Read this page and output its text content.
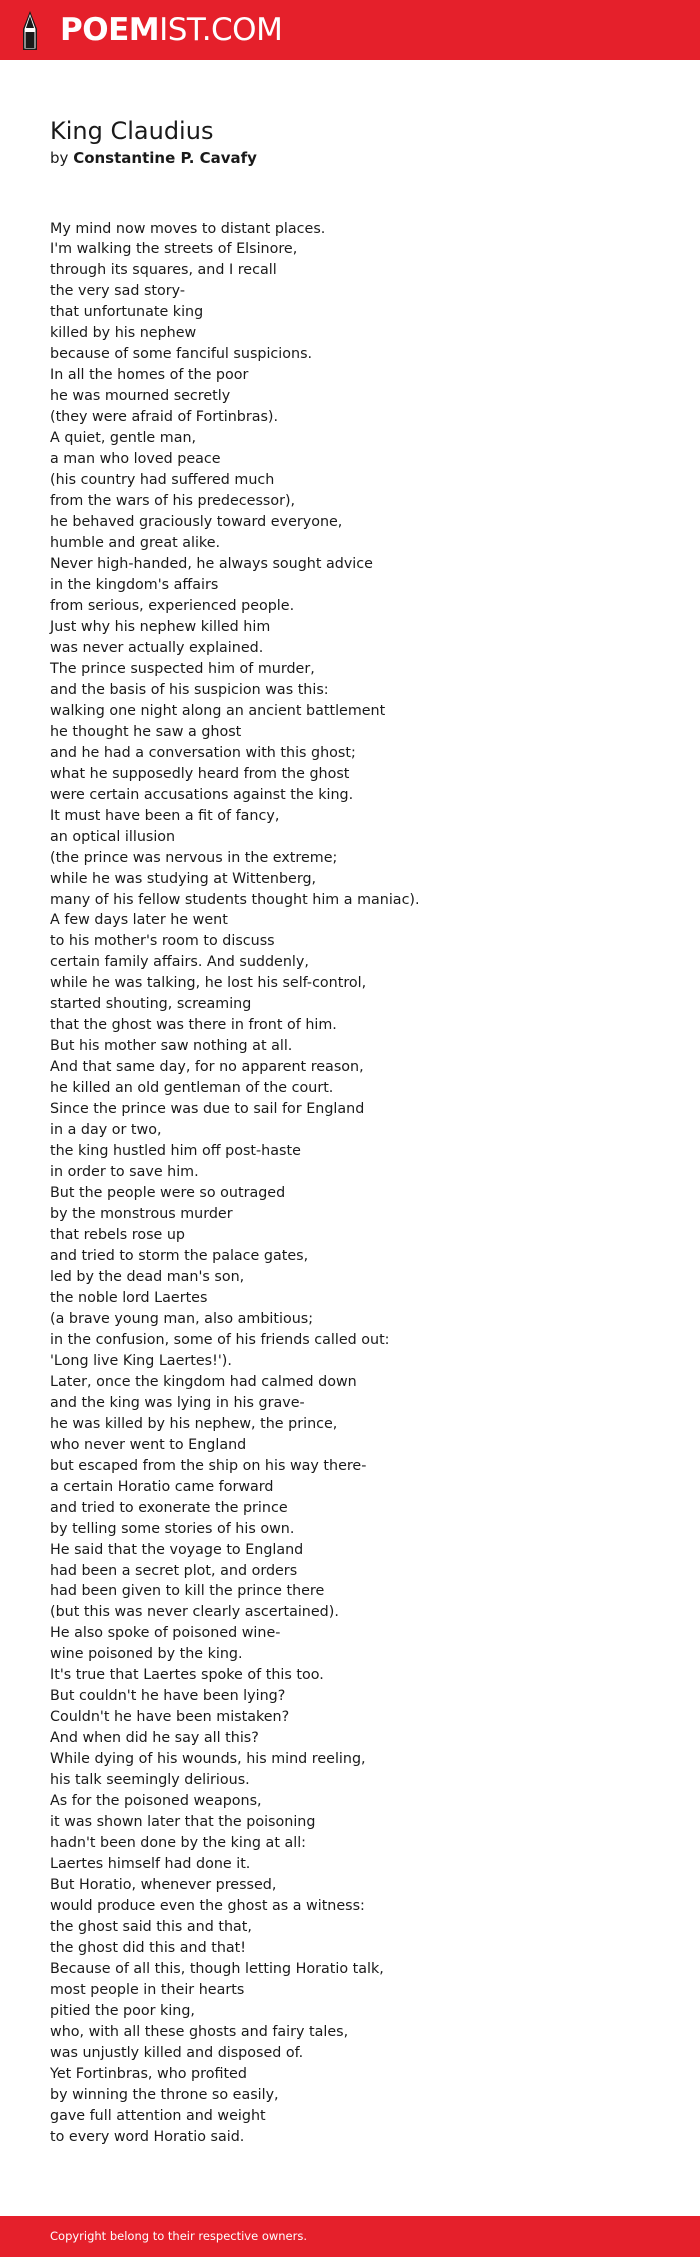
POEMIST.COM
King Claudius
by Constantine P. Cavafy
My mind now moves to distant places.
I'm walking the streets of Elsinore,
through its squares, and I recall
the very sad story-
that unfortunate king
killed by his nephew
because of some fanciful suspicions.
In all the homes of the poor
he was mourned secretly
(they were afraid of Fortinbras).
A quiet, gentle man,
a man who loved peace
(his country had suffered much
from the wars of his predecessor),
he behaved graciously toward everyone,
humble and great alike.
Never high-handed, he always sought advice
in the kingdom's affairs
from serious, experienced people.
Just why his nephew killed him
was never actually explained.
The prince suspected him of murder,
and the basis of his suspicion was this:
walking one night along an ancient battlement
he thought he saw a ghost
and he had a conversation with this ghost;
what he supposedly heard from the ghost
were certain accusations against the king.
It must have been a fit of fancy,
an optical illusion
(the prince was nervous in the extreme;
while he was studying at Wittenberg,
many of his fellow students thought him a maniac).
A few days later he went
to his mother's room to discuss
certain family affairs. And suddenly,
while he was talking, he lost his self-control,
started shouting, screaming
that the ghost was there in front of him.
But his mother saw nothing at all.
And that same day, for no apparent reason,
he killed an old gentleman of the court.
Since the prince was due to sail for England
in a day or two,
the king hustled him off post-haste
in order to save him.
But the people were so outraged
by the monstrous murder
that rebels rose up
and tried to storm the palace gates,
led by the dead man's son,
the noble lord Laertes
(a brave young man, also ambitious;
in the confusion, some of his friends called out:
'Long live King Laertes!').
Later, once the kingdom had calmed down
and the king was lying in his grave-
he was killed by his nephew, the prince,
who never went to England
but escaped from the ship on his way there-
a certain Horatio came forward
and tried to exonerate the prince
by telling some stories of his own.
He said that the voyage to England
had been a secret plot, and orders
had been given to kill the prince there
(but this was never clearly ascertained).
He also spoke of poisoned wine-
wine poisoned by the king.
It's true that Laertes spoke of this too.
But couldn't he have been lying?
Couldn't he have been mistaken?
And when did he say all this?
While dying of his wounds, his mind reeling,
his talk seemingly delirious.
As for the poisoned weapons,
it was shown later that the poisoning
hadn't been done by the king at all:
Laertes himself had done it.
But Horatio, whenever pressed,
would produce even the ghost as a witness:
the ghost said this and that,
the ghost did this and that!
Because of all this, though letting Horatio talk,
most people in their hearts
pitied the poor king,
who, with all these ghosts and fairy tales,
was unjustly killed and disposed of.
Yet Fortinbras, who profited
by winning the throne so easily,
gave full attention and weight
to every word Horatio said.
Copyright belong to their respective owners.
